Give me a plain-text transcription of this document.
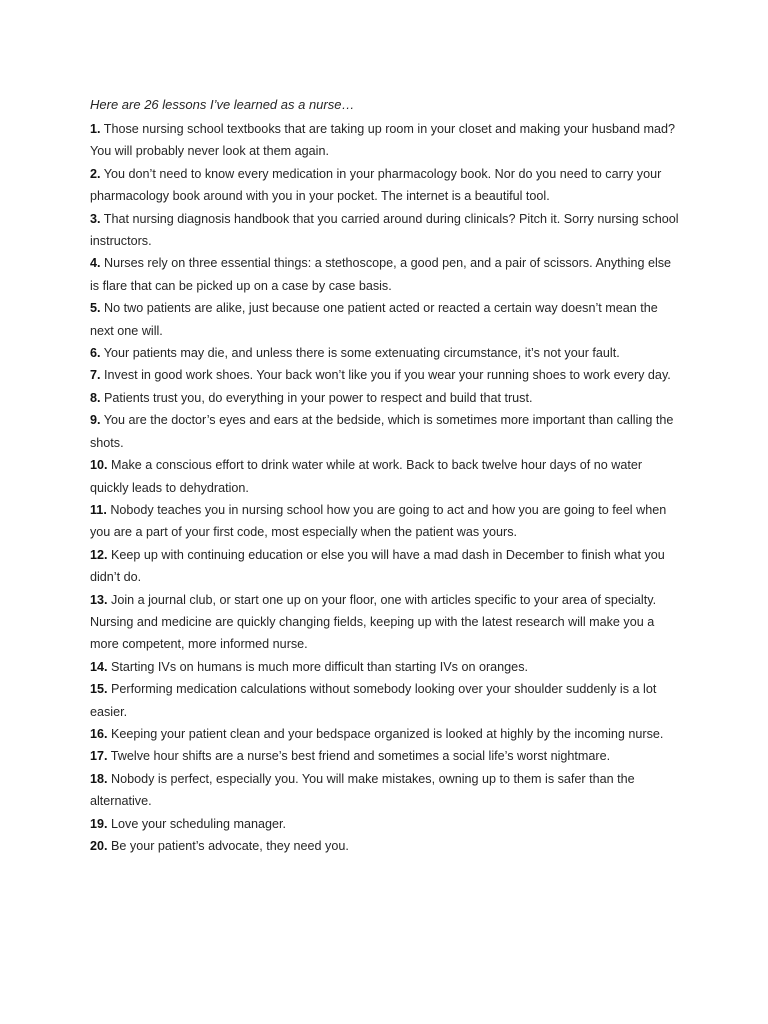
Here are 26 lessons I’ve learned as a nurse…

1. Those nursing school textbooks that are taking up room in your closet and making your husband mad? You will probably never look at them again.

2. You don’t need to know every medication in your pharmacology book. Nor do you need to carry your pharmacology book around with you in your pocket. The internet is a beautiful tool.

3. That nursing diagnosis handbook that you carried around during clinicals? Pitch it. Sorry nursing school instructors.

4. Nurses rely on three essential things: a stethoscope, a good pen, and a pair of scissors. Anything else is flare that can be picked up on a case by case basis.

5. No two patients are alike, just because one patient acted or reacted a certain way doesn’t mean the next one will.

6. Your patients may die, and unless there is some extenuating circumstance, it’s not your fault.

7. Invest in good work shoes. Your back won’t like you if you wear your running shoes to work every day.

8. Patients trust you, do everything in your power to respect and build that trust.

9. You are the doctor’s eyes and ears at the bedside, which is sometimes more important than calling the shots.

10. Make a conscious effort to drink water while at work. Back to back twelve hour days of no water quickly leads to dehydration.

11. Nobody teaches you in nursing school how you are going to act and how you are going to feel when you are a part of your first code, most especially when the patient was yours.

12. Keep up with continuing education or else you will have a mad dash in December to finish what you didn’t do.

13. Join a journal club, or start one up on your floor, one with articles specific to your area of specialty. Nursing and medicine are quickly changing fields, keeping up with the latest research will make you a more competent, more informed nurse.

14. Starting IVs on humans is much more difficult than starting IVs on oranges.

15. Performing medication calculations without somebody looking over your shoulder suddenly is a lot easier.

16. Keeping your patient clean and your bedspace organized is looked at highly by the incoming nurse.

17. Twelve hour shifts are a nurse’s best friend and sometimes a social life’s worst nightmare.

18. Nobody is perfect, especially you. You will make mistakes, owning up to them is safer than the alternative.

19. Love your scheduling manager.

20. Be your patient’s advocate, they need you.
